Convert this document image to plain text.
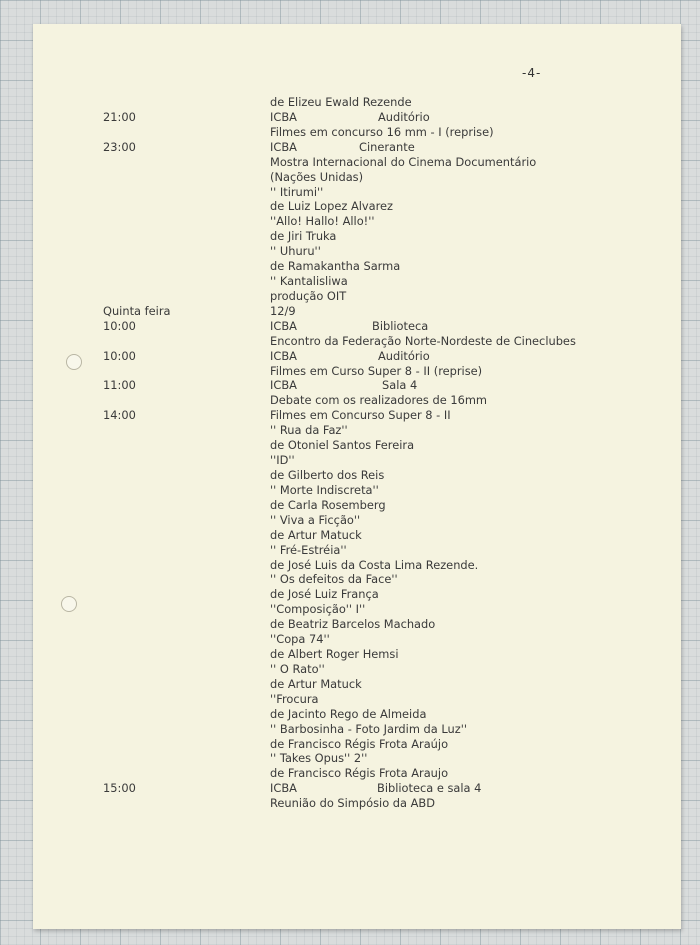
-4-
de Elizeu Ewald Rezende
21:00	ICBA	Auditório
Filmes em concurso 16 mm - I (reprise)
23:00	ICBA	Cinerante
Mostra Internacional do Cinema Documentário
(Nações Unidas)
'' Itirumi''
de Luiz Lopez Alvarez
''Allo! Hallo! Allo!''
de Jiri Truka
'' Uhuru''
de Ramakantha Sarma
'' Kantalisliwa
produção OIT
Quinta feira	12/9
10:00	ICBA	Biblioteca
Encontro da Federação Norte-Nordeste de Cineclubes
10:00	ICBA	Auditório
Filmes em Curso Super 8 - II (reprise)
11:00	ICBA	Sala 4
Debate com os realizadores de 16mm
14:00	Filmes em Concurso Super 8 - II
'' Rua da Faz''
de Otoniel Santos Fereira
''ID''
de Gilberto dos Reis
'' Morte Indiscreta''
de Carla Rosemberg
'' Viva a Ficção''
de Artur Matuck
'' Fré-Estréia''
de José Luis da Costa Lima Rezende.
'' Os defeitos da Face''
de José Luiz França
''Composição'' I''
de Beatriz Barcelos Machado
''Copa 74''
de Albert Roger Hemsi
'' O Rato''
de Artur Matuck
''Frocura
de Jacinto Rego de Almeida
'' Barbosinha - Foto Jardim da Luz''
de Francisco Régis Frota Araújo
'' Takes Opus'' 2''
de Francisco Régis Frota Araujo
15:00	ICBA	Biblioteca e sala 4
Reunião do Simpósio da ABD
